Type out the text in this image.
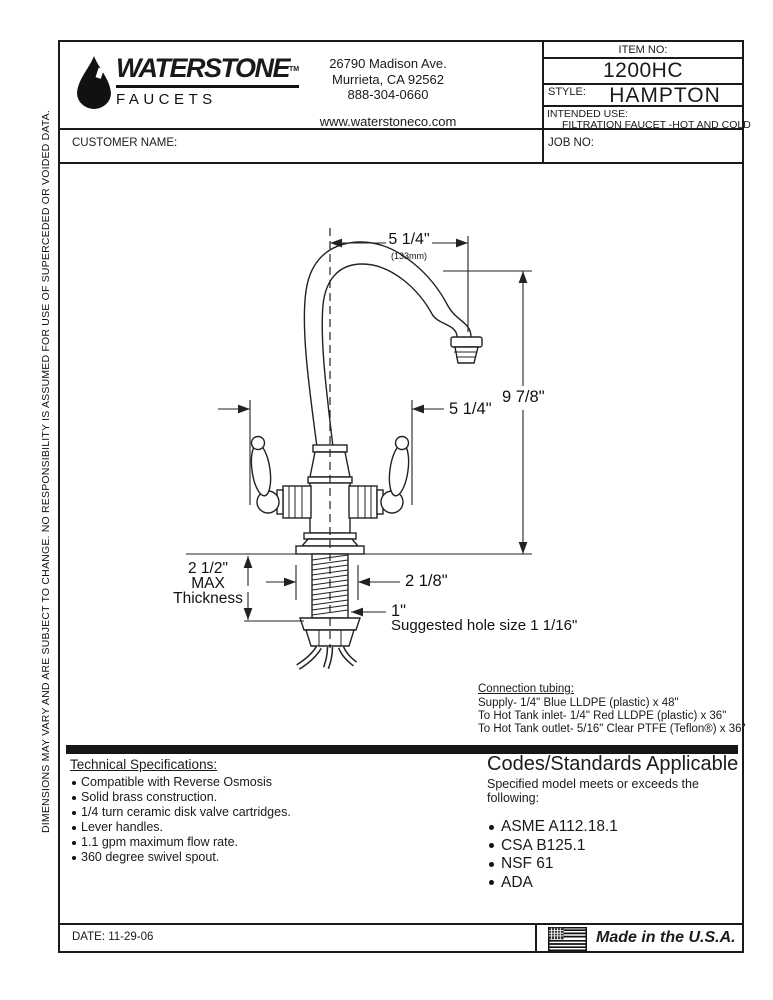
DIMENSIONS MAY VARY AND ARE SUBJECT TO CHANGE. NO RESPONSIBILITY IS ASSUMED FOR USE OF SUPERCEDED OR VOIDED DATA.
WATERSTONE™
FAUCETS
26790 Madison Ave.
Murrieta, CA 92562
888-304-0660
www.waterstoneco.com
ITEM NO:
1200HC
STYLE:	HAMPTON
INTENDED USE:
FILTRATION FAUCET -HOT AND COLD
CUSTOMER NAME:	JOB NO:
5 1/4"
(133mm)
9 7/8"
5 1/4"
2 1/2"
MAX
Thickness
2 1/8"
1"
Suggested hole size 1 1/16"
Connection tubing:
Supply- 1/4" Blue LLDPE (plastic) x 48"
To Hot Tank inlet- 1/4" Red LLDPE (plastic) x 36"
To Hot Tank outlet- 5/16" Clear PTFE (Teflon®) x 36"
Technical Specifications:
Compatible with Reverse Osmosis
Solid brass construction.
1/4 turn ceramic disk valve cartridges.
Lever handles.
1.1 gpm maximum flow rate.
360 degree swivel spout.
Codes/Standards Applicable
Specified model meets or exceeds the following:
ASME A112.18.1
CSA B125.1
NSF 61
ADA
DATE: 11-29-06	Made in the U.S.A.
